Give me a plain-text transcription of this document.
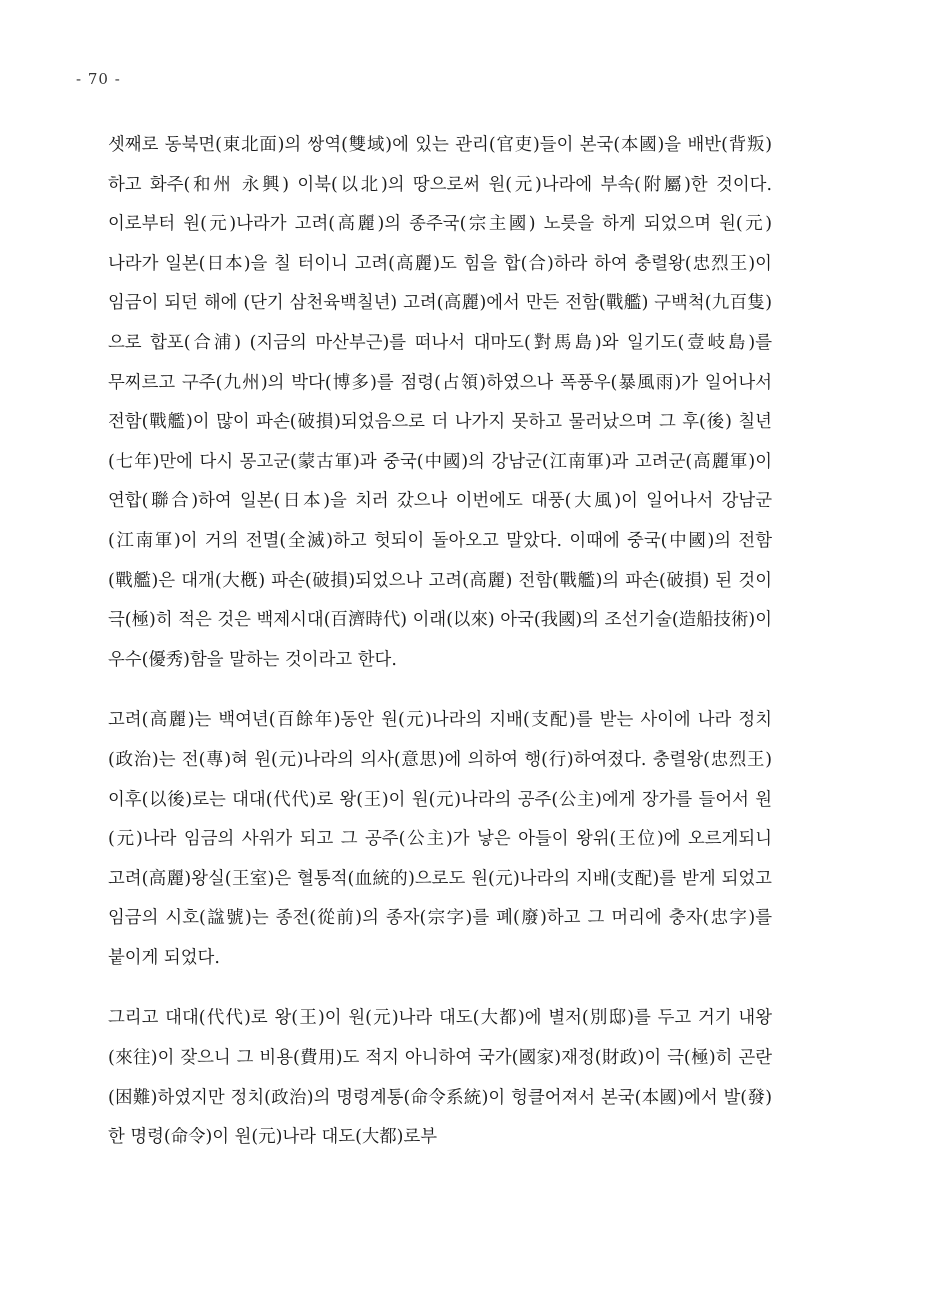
- 70 -

셋째로 동북면(東北面)의 쌍역(雙域)에 있는 관리(官吏)들이 본국(本國)을 배반(背叛)하고 화주(和州 永興) 이북(以北)의 땅으로써 원(元)나라에 부속(附屬)한 것이다. 이로부터 원(元)나라가 고려(高麗)의 종주국(宗主國) 노릇을 하게 되었으며 원(元)나라가 일본(日本)을 칠 터이니 고려(高麗)도 힘을 합(合)하라 하여 충렬왕(忠烈王)이 임금이 되던 해에 (단기 삼천육백칠년) 고려(高麗)에서 만든 전함(戰艦) 구백척(九百隻)으로 합포(合浦) (지금의 마산부근)를 떠나서 대마도(對馬島)와 일기도(壹岐島)를 무찌르고 구주(九州)의 박다(博多)를 점령(占領)하였으나 폭풍우(暴風雨)가 일어나서 전함(戰艦)이 많이 파손(破損)되었음으로 더 나가지 못하고 물러났으며 그 후(後) 칠년(七年)만에 다시 몽고군(蒙古軍)과 중국(中國)의 강남군(江南軍)과 고려군(高麗軍)이 연합(聯合)하여 일본(日本)을 치러 갔으나 이번에도 대풍(大風)이 일어나서 강남군(江南軍)이 거의 전멸(全滅)하고 헛되이 돌아오고 말았다. 이때에 중국(中國)의 전함(戰艦)은 대개(大槪) 파손(破損)되었으나 고려(高麗) 전함(戰艦)의 파손(破損) 된 것이 극(極)히 적은 것은 백제시대(百濟時代) 이래(以來) 아국(我國)의 조선기술(造船技術)이 우수(優秀)함을 말하는 것이라고 한다.

고려(高麗)는 백여년(百餘年)동안 원(元)나라의 지배(支配)를 받는 사이에 나라 정치(政治)는 전(專)혀 원(元)나라의 의사(意思)에 의하여 행(行)하여졌다. 충렬왕(忠烈王)이후(以後)로는 대대(代代)로 왕(王)이 원(元)나라의 공주(公主)에게 장가를 들어서 원(元)나라 임금의 사위가 되고 그 공주(公主)가 낳은 아들이 왕위(王位)에 오르게되니 고려(高麗)왕실(王室)은 혈통적(血統的)으로도 원(元)나라의 지배(支配)를 받게 되었고 임금의 시호(諡號)는 종전(從前)의 종자(宗字)를 폐(廢)하고 그 머리에 충자(忠字)를 붙이게 되었다.

그리고 대대(代代)로 왕(王)이 원(元)나라 대도(大都)에 별저(別邸)를 두고 거기 내왕(來往)이 잦으니 그 비용(費用)도 적지 아니하여 국가(國家)재정(財政)이 극(極)히 곤란(困難)하였지만 정치(政治)의 명령계통(命令系統)이 헝클어져서 본국(本國)에서 발(發)한 명령(命令)이 원(元)나라 대도(大都)로부
